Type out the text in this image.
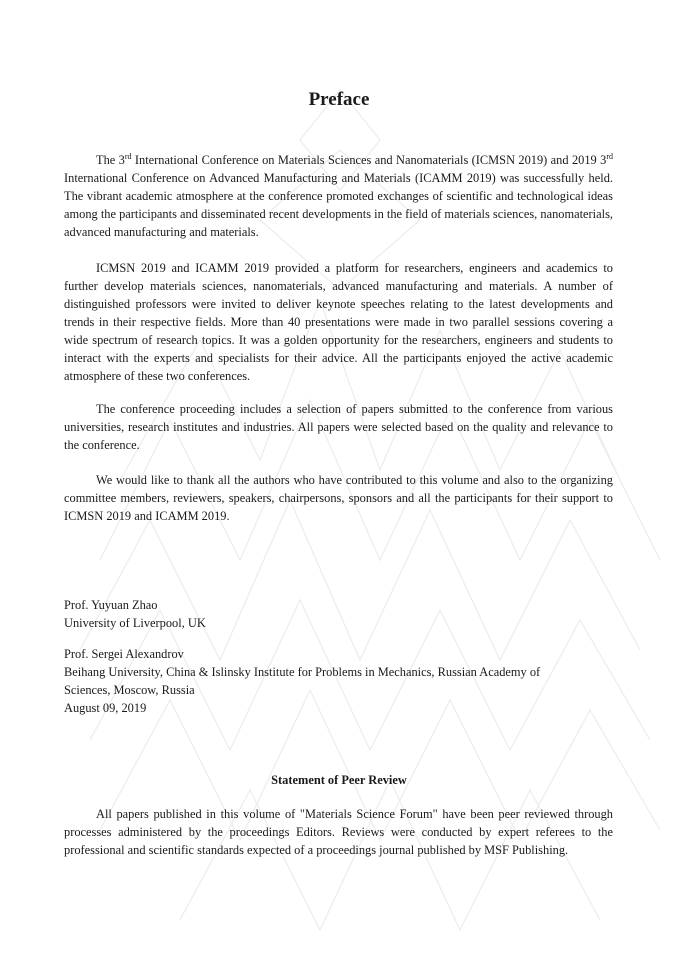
Preface

The 3rd International Conference on Materials Sciences and Nanomaterials (ICMSN 2019) and 2019 3rd International Conference on Advanced Manufacturing and Materials (ICAMM 2019) was successfully held. The vibrant academic atmosphere at the conference promoted exchanges of scientific and technological ideas among the participants and disseminated recent developments in the field of materials sciences, nanomaterials, advanced manufacturing and materials.

ICMSN 2019 and ICAMM 2019 provided a platform for researchers, engineers and academics to further develop materials sciences, nanomaterials, advanced manufacturing and materials. A number of distinguished professors were invited to deliver keynote speeches relating to the latest developments and trends in their respective fields. More than 40 presentations were made in two parallel sessions covering a wide spectrum of research topics. It was a golden opportunity for the researchers, engineers and students to interact with the experts and specialists for their advice. All the participants enjoyed the active academic atmosphere of these two conferences.

The conference proceeding includes a selection of papers submitted to the conference from various universities, research institutes and industries. All papers were selected based on the quality and relevance to the conference.

We would like to thank all the authors who have contributed to this volume and also to the organizing committee members, reviewers, speakers, chairpersons, sponsors and all the participants for their support to ICMSN 2019 and ICAMM 2019.

Prof. Yuyuan Zhao
University of Liverpool, UK
Prof. Sergei Alexandrov
Beihang University, China & Islinsky Institute for Problems in Mechanics, Russian Academy of
Sciences, Moscow, Russia
August 09, 2019
Statement of Peer Review

All papers published in this volume of "Materials Science Forum" have been peer reviewed through processes administered by the proceedings Editors. Reviews were conducted by expert referees to the professional and scientific standards expected of a proceedings journal published by MSF Publishing.
